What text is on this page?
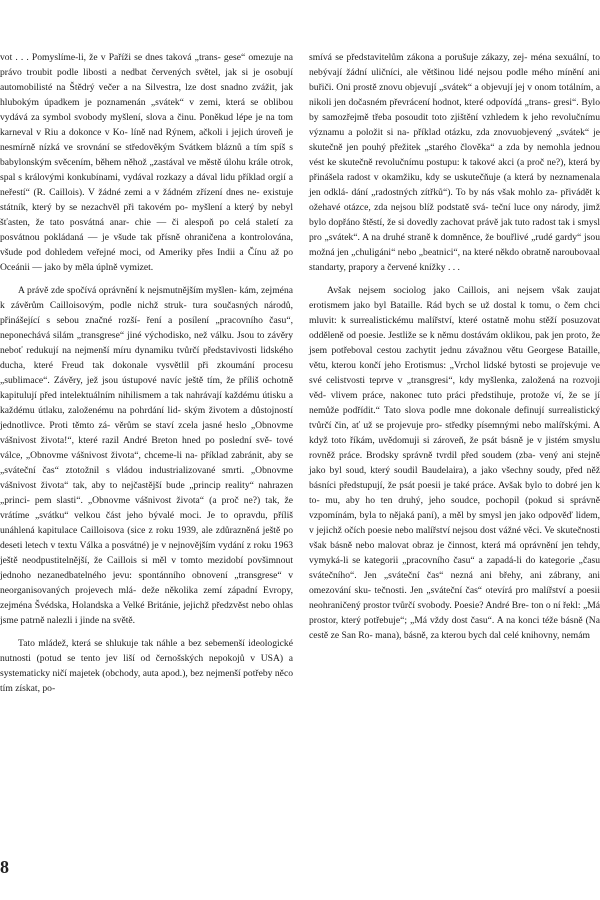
vot . . . Pomyslíme-li, že v Paříži se dnes taková „trans- gese“ omezuje na právo troubit podle libosti a nedbat červených světel, jak si je osobují automobilisté na Štědrý večer a na Silvestra, lze dost snadno zvážit, jak hlubokým úpadkem je poznamenán „svátek“ v zemi, která se oblibou vydává za symbol svobody myšlení, slova a činu. Poněkud lépe je na tom karneval v Riu a dokonce v Ko- líně nad Rýnem, ačkoli i jejich úroveň je nesmírně nízká ve srovnání se středověkým Svátkem bláznů a tím spíš s babylonským svěcením, během něhož „zastával ve městě úlohu krále otrok, spal s královými konkubínami, vydával rozkazy a dával lidu příklad orgií a neřestí“ (R. Caillois). V žádné zemi a v žádném zřízení dnes ne- existuje státník, který by se nezachvěl při takovém po- myšlení a který by nebyl šťasten, že tato posvátná anar- chie — či alespoň po celá staletí za posvátnou pokládaná — je všude tak přísně ohraničena a kontrolována, všude pod dohledem veřejné moci, od Ameriky přes Indii a Čínu až po Oceánii — jako by měla úplně vymizet.

A právě zde spočívá oprávnění k nejsmutnějším myšlen- kám, zejména k závěrům Cailloisovým, podle nichž struk- tura současných národů, přinášející s sebou značné rozší- ření a posílení „pracovního času“, neponechává silám „transgrese“ jiné východisko, než válku. Jsou to závěry neboť redukují na nejmenší míru dynamiku tvůrčí představivosti lidského ducha, které Freud tak dokonale vysvětlil při zkoumání procesu „sublimace“. Závěry, jež jsou ústupové navíc ještě tím, že příliš ochotně kapitulují před intelektuálním nihilismem a tak nahrávají každému útisku a každému útlaku, založenému na pohrdání lid- ským životem a důstojností jednotlivce. Proti těmto zá- věrům se staví zcela jasné heslo „Obnovme vášnivost života!“, které razil André Breton hned po poslední svě- tové válce, „Obnovme vášnivost života“, chceme-li na- příklad zabránit, aby se „sváteční čas“ ztotožnil s vládou industrializované smrti. „Obnovme vášnivost života“ tak, aby to nejčastější bude „princip reality“ nahrazen „princi- pem slasti“. „Obnovme vášnivost života“ (a proč ne?) tak, že vrátíme „svátku“ velkou část jeho bývalé moci. Je to opravdu, příliš unáhlená kapitulace Cailloisova (sice z roku 1939, ale zdůrazněná ještě po deseti letech v textu Válka a posvátné) je v nejnovějším vydání z roku 1963 ještě neodpustitelnější, že Caillois si měl v tomto mezidobí povšimnout jednoho nezanedbatelného jevu: spontánního obnovení „transgrese“ v neorganisovaných projevech mlá- deže několika zemí západní Evropy, zejména Švédska, Holandska a Velké Británie, jejichž předzvěst nebo ohlas jsme patrně nalezli i jinde na světě.

Tato mládež, která se shlukuje tak náhle a bez sebemenší ideologické nutnosti (potud se tento jev liší od černošských nepokojů v USA) a systematicky ničí majetek (obchody, auta apod.), bez nejmenší potřeby něco tím získat, po-

smívá se představitelům zákona a porušuje zákazy, zej- ména sexuální, to nebývají žádní uličníci, ale většinou lidé nejsou podle mého mínění ani buřiči. Oni prostě znovu objevují „svátek“ a objevují jej v onom totálním, a nikoli jen dočasném převrácení hodnot, které odpovídá „trans- gresi“. Bylo by samozřejmě třeba posoudit toto zjištění vzhledem k jeho revolučnímu významu a položit si na- příklad otázku, zda znovuobjevený „svátek“ je skutečně jen pouhý přežitek „starého člověka“ a zda by nemohla jednou vést ke skutečně revolučnímu postupu: k takové akci (a proč ne?), která by přinášela radost v okamžiku, kdy se uskutečňuje (a která by neznamenala jen odklá- dání „radostných zítřků“). To by nás však mohlo za- přivádět k ožehavé otázce, zda nejsou blíž podstatě svá- teční luce ony národy, jimž bylo dopřáno štěstí, že si dovedly zachovat právě jak tuto radost tak i smysl pro „svátek“. A na druhé straně k domněnce, že bouřlivé „rudé gardy“ jsou možná jen „chuligáni“ nebo „beatnici“, na které někdo obratně naroubovaal standarty, prapory a červené knížky . . .

Avšak nejsem sociolog jako Caillois, ani nejsem však zaujat erotismem jako byl Bataille. Rád bych se už dostal k tomu, o čem chci mluvit: k surrealistickému malířství, které ostatně mohu stěží posuzovat odděleně od poesie. Jestliže se k němu dostávám oklikou, pak jen proto, že jsem potřeboval cestou zachytit jednu závažnou větu Georgese Bataille, větu, kterou končí jeho Erotismus: „Vrchol lidské bytosti se projevuje ve své celistvosti teprve v „transgresi“, kdy myšlenka, založená na rozvoji věd- vlivem práce, nakonec tuto práci předstihuje, protože ví, že se jí nemůže podřídit.“ Tato slova podle mne dokonale definují surrealistický tvůrčí čin, ať už se projevuje pro- středky písemnými nebo malířskými. A když toto říkám, uvědomuji si zároveň, že psát básně je v jistém smyslu rovněž práce. Brodsky správně tvrdil před soudem (zba- vený ani stejně jako byl soud, který soudil Baudelaira), a jako všechny soudy, před něž básníci předstupují, že psát poesii je také práce. Avšak bylo to dobré jen k to- mu, aby ho ten druhý, jeho soudce, pochopil (pokud si správně vzpomínám, byla to nějaká paní), a měl by smysl jen jako odpověď lidem, v jejichž očích poesie nebo malířství nejsou dost vážné věci. Ve skutečnosti však básně nebo malovat obraz je činnost, která má oprávnění jen tehdy, vymyká-li se kategorii „pracovního času“ a zapadá-li do kategorie „času svátečního“. Jen „sváteční čas“ nezná ani břehy, ani zábrany, ani omezování sku- tečnosti. Jen „sváteční čas“ otevírá pro malířství a poesii neohraničený prostor tvůrčí svobody. Poesie? André Bre- ton o ní řekl: „Má prostor, který potřebuje“; „Má vždy dost času“. A na konci téže básně (Na cestě ze San Ro- mana), básně, za kterou bych dal celé knihovny, nemám

8
